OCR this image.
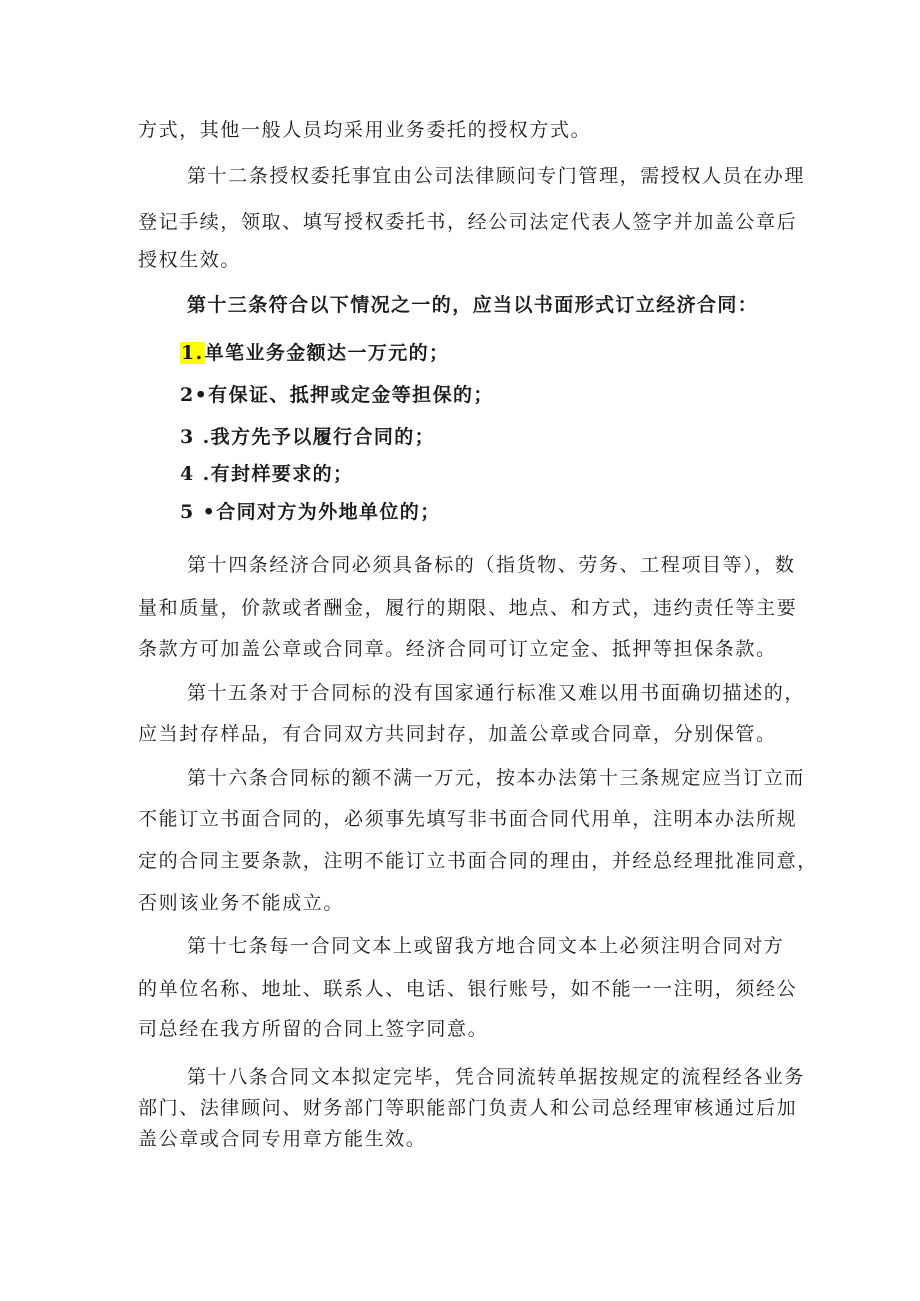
方式，其他一般人员均采用业务委托的授权方式。
第十二条授权委托事宜由公司法律顾问专门管理，需授权人员在办理
登记手续，领取、填写授权委托书，经公司法定代表人签字并加盖公章后
授权生效。
第十三条符合以下情况之一的，应当以书面形式订立经济合同：
1.单笔业务金额达一万元的；
2•有保证、抵押或定金等担保的；
3 .我方先予以履行合同的；
4 .有封样要求的；
5 •合同对方为外地单位的；
第十四条经济合同必须具备标的（指货物、劳务、工程项目等），数
量和质量，价款或者酬金，履行的期限、地点、和方式，违约责任等主要
条款方可加盖公章或合同章。经济合同可订立定金、抵押等担保条款。
第十五条对于合同标的没有国家通行标准又难以用书面确切描述的，
应当封存样品，有合同双方共同封存，加盖公章或合同章，分别保管。
第十六条合同标的额不满一万元，按本办法第十三条规定应当订立而
不能订立书面合同的，必须事先填写非书面合同代用单，注明本办法所规
定的合同主要条款，注明不能订立书面合同的理由，并经总经理批准同意，
否则该业务不能成立。
第十七条每一合同文本上或留我方地合同文本上必须注明合同对方
的单位名称、地址、联系人、电话、银行账号，如不能一一注明，须经公
司总经在我方所留的合同上签字同意。
第十八条合同文本拟定完毕，凭合同流转单据按规定的流程经各业务
部门、法律顾问、财务部门等职能部门负责人和公司总经理审核通过后加
盖公章或合同专用章方能生效。
